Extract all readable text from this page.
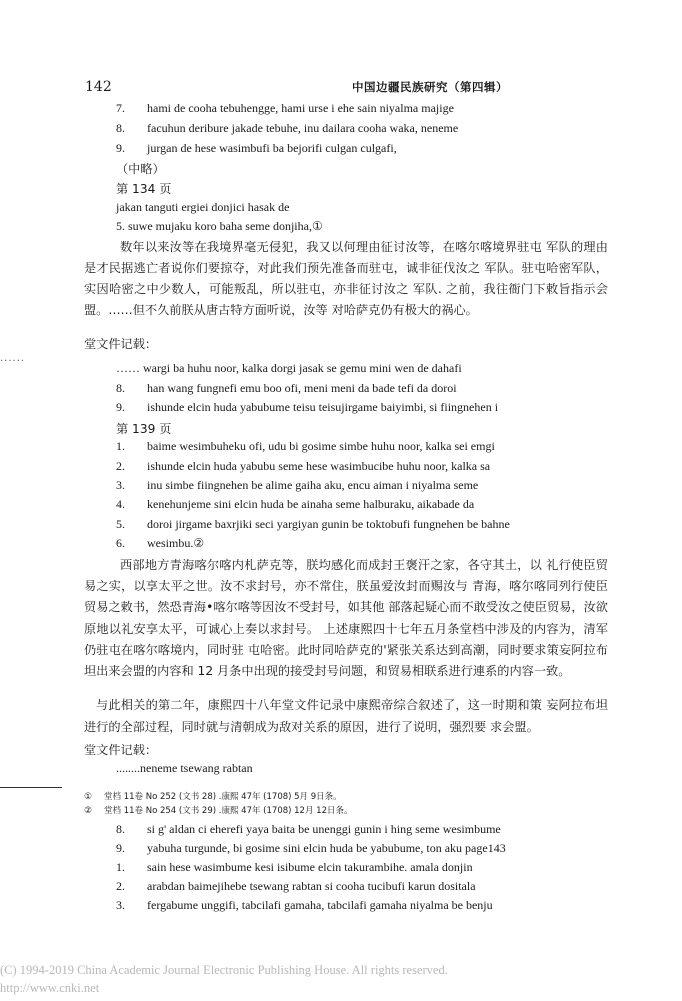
142	中国边疆民族研究（第四辑）
7. hami de cooha tebuhengge, hami urse i ehe sain niyalma majige
8. facuhun deribure jakade tebuhe, inu dailara cooha waka, neneme
9. jurgan de hese wasimbufi ba bejorifi culgan culgafi,
（中略）
第 134 页
jakan tanguti ergiei donjici hasak de
5. suwe mujaku koro baha seme donjiha,①
数年以来汝等在我境界毫无侵犯，我又以何理由征讨汝等，在喀尔喀境界驻屯 军队的理由是才民据逃亡者说你们要掠夺，对此我们预先准备而驻屯，诚非征伐汝之 军队。驻屯哈密军队，实因哈密之中少数人，可能叛乱，所以驻屯，亦非征讨汝之 军队. 之前，我往衙门下敕旨指示会盟。……但不久前朕从唐古特方面听说，汝等 对哈萨克仍有极大的祸心。
堂文件记载：
......
…… wargi ba huhu noor, kalka dorgi jasak se gemu mini wen de dahafi
8. han wang fungnefi emu boo ofi, meni meni da bade tefi da doroi
9. ishunde elcin huda yabubume teisu teisujirgame baiyimbi, si fiingnehen i
第 139 页
1. baime wesimbuheku ofi, udu bi gosime simbe huhu noor, kalka sei emgi
2. ishunde elcin huda yabubu seme hese wasimbucibe huhu noor, kalka sa
3. inu simbe fiingnehen be alime gaiha aku, encu aiman i niyalma seme
4. kenehunjeme sini elcin huda be ainaha seme halburaku, aikabade da
5. doroi jirgame baxrjiki seci yargiyan gunin be toktobufi fungnehen be bahne
6. wesimbu.②
西部地方青海喀尔喀内札萨克等，朕均感化而成封王褒汗之家，各守其土，以 礼行使臣贸易之实，以享太平之世。汝不求封号，亦不常住，朕虽爱汝封而赐汝与 青海，喀尔喀同列行使臣贸易之敕书，然恐青海•喀尔喀等因汝不受封号，如其他 部落起疑心而不敢受汝之使臣贸易，汝欲原地以礼安享太平，可诚心上奏以求封号。 上述康熙四十七年五月条堂档中涉及的内容为，清军仍驻屯在喀尔喀境内，同时驻 屯哈密。此时同哈萨克的'紧张关系达到高潮，同时要求策妄阿拉布坦出来会盟的内容和 12 月条中出现的接受封号问题，和贸易相联系进行連系的内容一致。
与此相关的第二年，康熙四十八年堂文件记录中康熙帝综合叙述了，这一时期和策 妄阿拉布坦进行的全部过程，同时就与清朝成为敌对关系的原因，进行了说明，强烈要 求会盟。
堂文件记载：
........neneme tsewang rabtan
① 堂档 11卷 No 252 (文书 28) .康熙 47年 (1708) 5月 9日条。
② 堂档 11卷 No 254 (文书 29) .康熙 47年 (1708) 12月 12日条。
8. si g' aldan ci eherefi yaya baita be unenggi gunin i hing seme wesimbume
9. yabuha turgunde, bi gosime sini elcin huda be yabubume, ton aku page143
1. sain hese wasimbume kesi isibume elcin takurambihe. amala donjin
2. arabdan baimejihebe tsewang rabtan si cooha tucibufi karun dositala
3. fergabume unggifi, tabcilafi gamaha, tabcilafi gamaha niyalma be benju
(C) 1994-2019 China Academic Journal Electronic Publishing House. All rights reserved.
http://www.cnki.net
